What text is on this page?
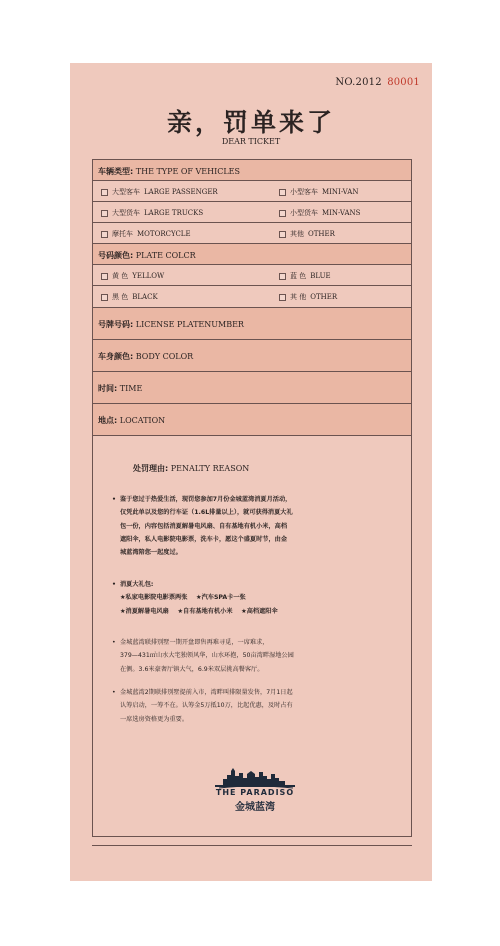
NO.2012 80001
亲，罚单来了
DEAR TICKET
车辆类型: THE TYPE OF VEHICLES
大型客车 LARGE PASSENGER	小型客车 MINI-VAN
大型货车 LARGE TRUCKS	小型货车 MIN-VANS
摩托车 MOTORCYCLE	其他 OTHER
号码颜色: PLATE COLCR
黄 色 YELLOW	蓝 色 BLUE
黑 色 BLACK	其 他 OTHER
号牌号码: LICENSE PLATENUMBER
车身颜色: BODY COLOR
时间: TIME
地点: LOCATION
处罚理由: PENALTY REASON
• 鉴于您过于热爱生活，现罚您参加7月份金城蓝湾消夏月活动，
仅凭此单以及您的行车证（1.6L排量以上），就可获得消夏大礼
包一份，内容包括消夏解暑电风扇、自有基地有机小米，高档
遮阳伞，私人电影院电影票，洗车卡，愿这个盛夏时节，由金
城蓝湾陪您一起度过。
• 消夏大礼包:
★私家电影院电影票两张 ★汽车SPA卡一张
★消夏解暑电风扇 ★自有基地有机小米 ★高档遮阳伞
• 金城蓝湾联排别墅一期开盘即售再难寻觅，一席难求，
379—431㎡山水大宅独领风华，山水环抱，50亩湾畔湿地公园
在侧。3.6米豪奢厅镇大气，6.9米双层挑高餐客厅。
• 金城蓝湾2期联排别墅提前入市，湾畔叫排限量发售，7月1日起
认筹启动，一筹不在。认筹金5万抵10万，比起优惠，及时占有
一席选房资格更为重要。
THE PARADISO
金城蓝湾
